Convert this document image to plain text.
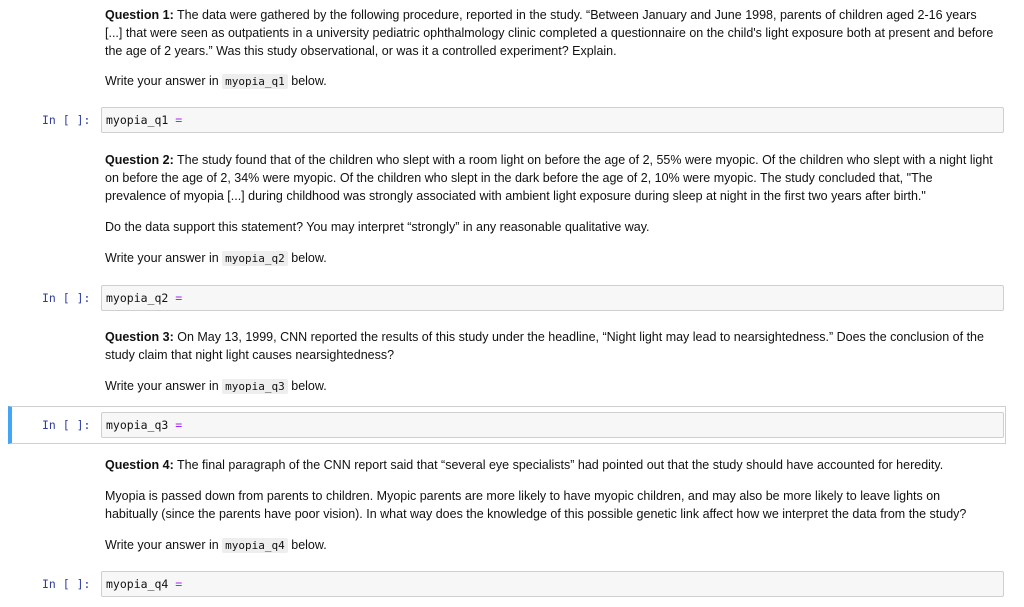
Question 1: The data were gathered by the following procedure, reported in the study. “Between January and June 1998, parents of children aged 2-16 years [...] that were seen as outpatients in a university pediatric ophthalmology clinic completed a questionnaire on the child's light exposure both at present and before the age of 2 years.” Was this study observational, or was it a controlled experiment? Explain.

Write your answer in myopia_q1 below.

In [ ]: myopia_q1 =

Question 2: The study found that of the children who slept with a room light on before the age of 2, 55% were myopic. Of the children who slept with a night light on before the age of 2, 34% were myopic. Of the children who slept in the dark before the age of 2, 10% were myopic. The study concluded that, "The prevalence of myopia [...] during childhood was strongly associated with ambient light exposure during sleep at night in the first two years after birth."

Do the data support this statement? You may interpret “strongly” in any reasonable qualitative way.

Write your answer in myopia_q2 below.

In [ ]: myopia_q2 =

Question 3: On May 13, 1999, CNN reported the results of this study under the headline, “Night light may lead to nearsightedness.” Does the conclusion of the study claim that night light causes nearsightedness?

Write your answer in myopia_q3 below.

In [ ]: myopia_q3 =

Question 4: The final paragraph of the CNN report said that “several eye specialists” had pointed out that the study should have accounted for heredity.

Myopia is passed down from parents to children. Myopic parents are more likely to have myopic children, and may also be more likely to leave lights on habitually (since the parents have poor vision). In what way does the knowledge of this possible genetic link affect how we interpret the data from the study?

Write your answer in myopia_q4 below.

In [ ]: myopia_q4 =
